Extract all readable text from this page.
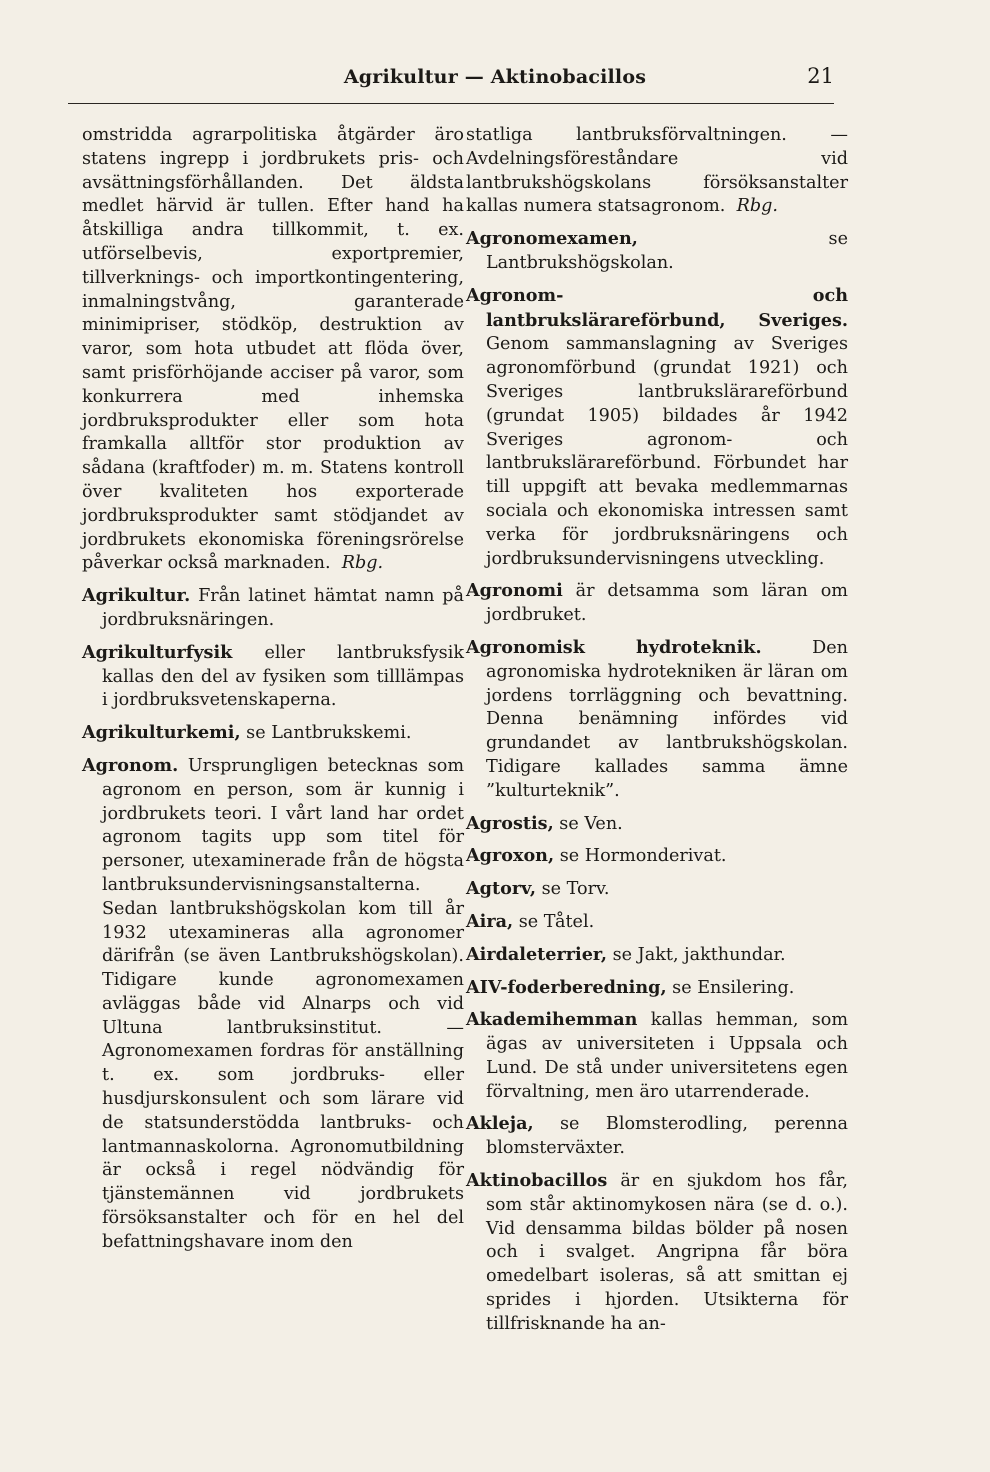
Agrikultur — Aktinobacillos	21

omstridda agrarpolitiska åtgärder äro statens ingrepp i jordbrukets pris- och avsättningsförhållanden. Det äldsta medlet härvid är tullen. Efter hand ha åtskilliga andra tillkommit, t. ex. utförselbevis, exportpremier, tillverknings- och importkontingentering, inmalningstvång, garanterade minimipriser, stödköp, destruktion av varor, som hota utbudet att flöda över, samt prisförhöjande acciser på varor, som konkurrera med inhemska jordbruksprodukter eller som hota framkalla alltför stor produktion av sådana (kraftfoder) m. m. Statens kontroll över kvaliteten hos exporterade jordbruksprodukter samt stödjandet av jordbrukets ekonomiska föreningsrörelse påverkar också marknaden. Rbg.

Agrikultur. Från latinet hämtat namn på jordbruksnäringen.

Agrikulturfysik eller lantbruksfysik kallas den del av fysiken som tilllämpas i jordbruksvetenskaperna.

Agrikulturkemi, se Lantbrukskemi.

Agronom. Ursprungligen betecknas som agronom en person, som är kunnig i jordbrukets teori. I vårt land har ordet agronom tagits upp som titel för personer, utexaminerade från de högsta lantbruksundervisningsanstalterna. Sedan lantbrukshögskolan kom till år 1932 utexamineras alla agronomer därifrån (se även Lantbrukshögskolan). Tidigare kunde agronomexamen avläggas både vid Alnarps och vid Ultuna lantbruksinstitut. — Agronomexamen fordras för anställning t. ex. som jordbruks- eller husdjurskonsulent och som lärare vid de statsunderstödda lantbruks- och lantmannaskolorna. Agronomutbildning är också i regel nödvändig för tjänstemännen vid jordbrukets försöksanstalter och för en hel del befattningshavare inom den

statliga lantbruksförvaltningen. — Avdelningsföreståndare vid lantbrukshögskolans försöksanstalter kallas numera statsagronom. Rbg.

Agronomexamen,	se Lantbrukshögskolan.

Agronom- och lantbrukslärareförbund, Sveriges. Genom sammanslagning av Sveriges agronomförbund (grundat 1921) och Sveriges lantbrukslärareförbund (grundat 1905) bildades år 1942 Sveriges agronom- och lantbrukslärareförbund. Förbundet har till uppgift att bevaka medlemmarnas sociala och ekonomiska intressen samt verka för jordbruksnäringens och jordbruksundervisningens utveckling.

Agronomi är detsamma som läran om jordbruket.

Agronomisk hydroteknik.	Den agronomiska hydrotekniken är läran om jordens torrläggning och bevattning. Denna benämning infördes vid grundandet av lantbrukshögskolan. Tidigare kallades samma ämne ”kulturteknik”.

Agrostis, se Ven.

Agroxon, se Hormonderivat.

Agtorv, se Torv.

Aira, se Tåtel.

Airdaleterrier, se Jakt, jakthundar.

AIV-foderberedning, se Ensilering.

Akademihemman kallas hemman, som ägas av universiteten i Uppsala och Lund. De stå under universitetens egen förvaltning, men äro utarrenderade.

Akleja, se Blomsterodling, perenna blomsterväxter.

Aktinobacillos är en sjukdom hos får, som står aktinomykosen nära (se d. o.). Vid densamma bildas bölder på nosen och i svalget. Angripna får böra omedelbart isoleras, så att smittan ej sprides i hjorden. Utsikterna för tillfrisknande ha an-
